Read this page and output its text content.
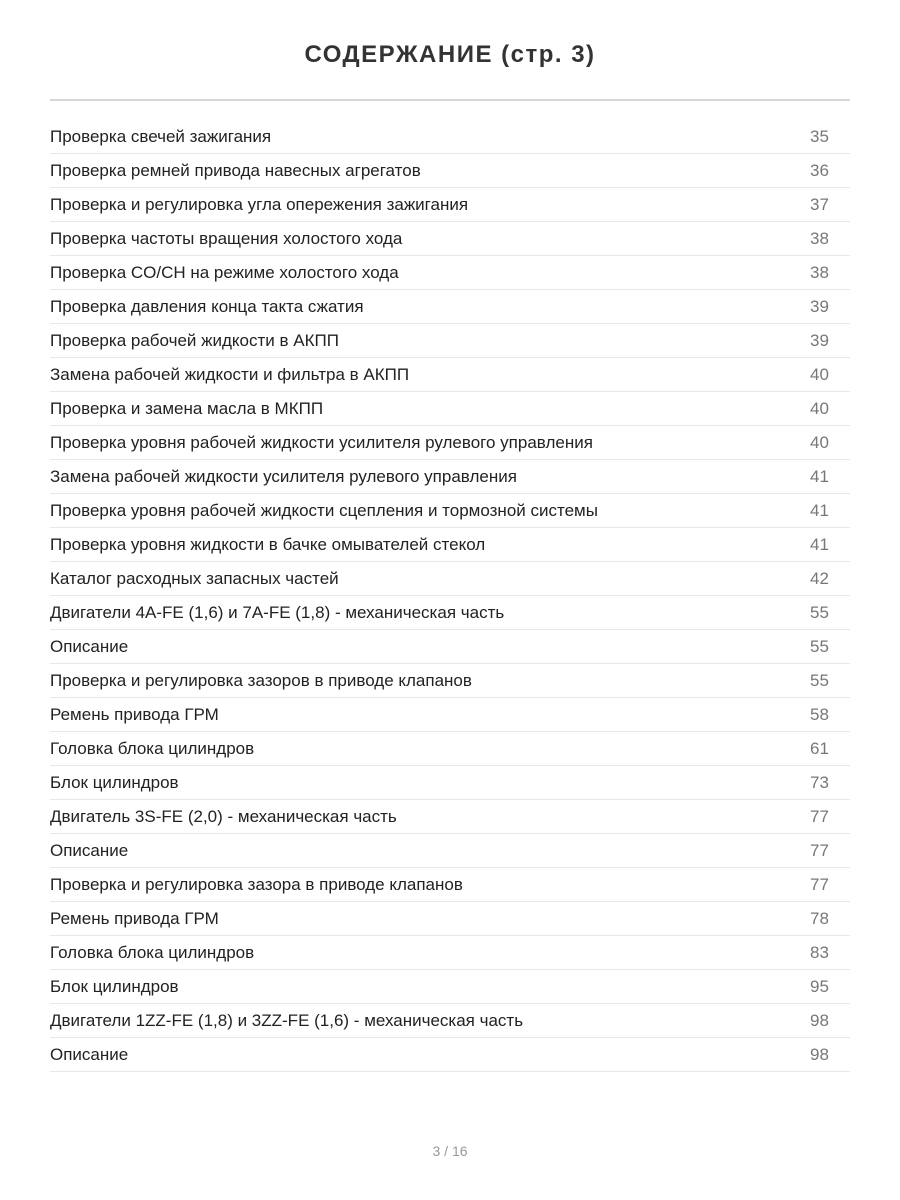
СОДЕРЖАНИЕ (стр. 3)
Проверка свечей зажигания	35
Проверка ремней привода навесных агрегатов	36
Проверка и регулировка угла опережения зажигания	37
Проверка частоты вращения холостого хода	38
Проверка CO/CH на режиме холостого хода	38
Проверка давления конца такта сжатия	39
Проверка рабочей жидкости в АКПП	39
Замена рабочей жидкости и фильтра в АКПП	40
Проверка и замена масла в МКПП	40
Проверка уровня рабочей жидкости усилителя рулевого управления	40
Замена рабочей жидкости усилителя рулевого управления	41
Проверка уровня рабочей жидкости сцепления и тормозной системы	41
Проверка уровня жидкости в бачке омывателей стекол	41
Каталог расходных запасных частей	42
Двигатели 4A-FE (1,6) и 7A-FE (1,8) - механическая часть	55
Описание	55
Проверка и регулировка зазоров в приводе клапанов	55
Ремень привода ГРМ	58
Головка блока цилиндров	61
Блок цилиндров	73
Двигатель 3S-FE (2,0) - механическая часть	77
Описание	77
Проверка и регулировка зазора в приводе клапанов	77
Ремень привода ГРМ	78
Головка блока цилиндров	83
Блок цилиндров	95
Двигатели 1ZZ-FE (1,8) и 3ZZ-FE (1,6) - механическая часть	98
Описание	98
3 / 16
